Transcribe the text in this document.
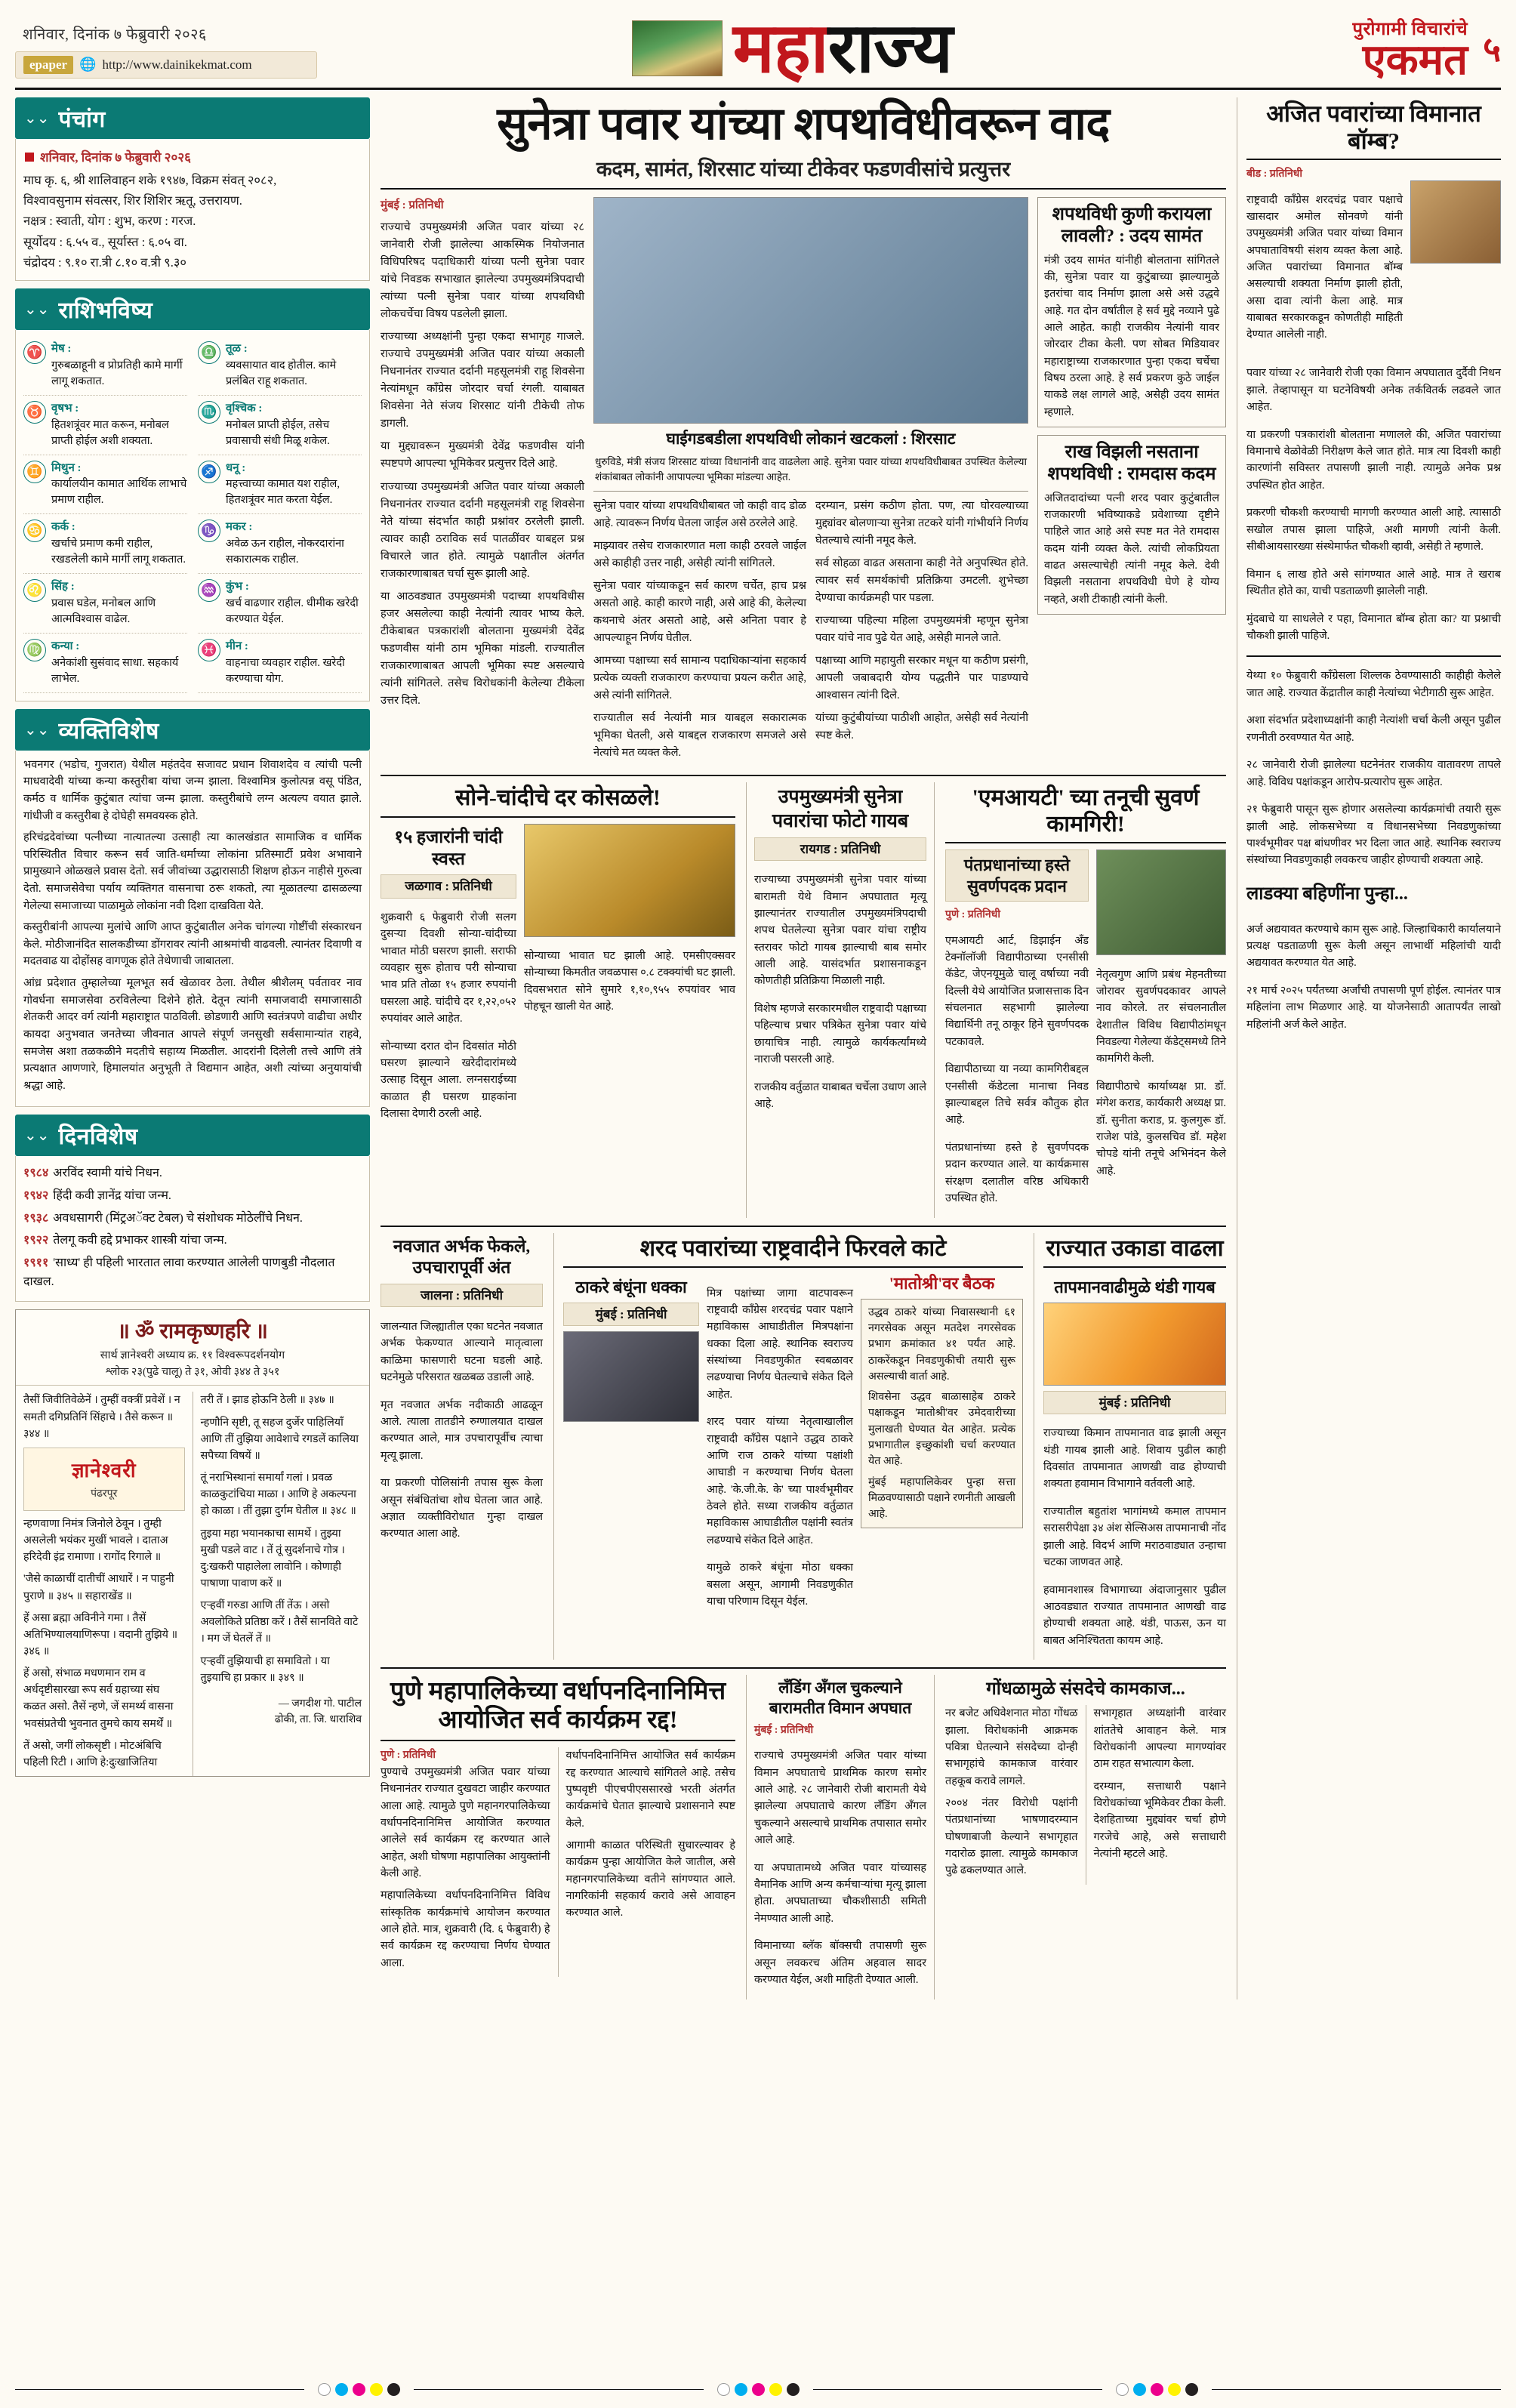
शनिवार, दिनांक ७ फेब्रुवारी २०२६
epaper 🌐 http://www.dainikekmat.com	महाराज्य	पुरोगामी विचारांचे
एकमत ५
⌄⌄ पंचांग
शनिवार, दिनांक ७ फेब्रुवारी २०२६
माघ कृ. ६, श्री शालिवाहन शके १९४७, विक्रम संवत् २०८२,
विश्वावसुनाम संवत्सर, शिर शिशिर ऋतू, उत्तरायण.
नक्षत्र : स्वाती, योग : शुभ, करण : गरज.
सूर्योदय : ६.५५ व., सूर्यास्त : ६.०५ वा.
चंद्रोदय : ९.१० रा.त्री ८.१० व.त्री ९.३०
⌄⌄ राशिभविष्य
♈ मेष :
गुरुबळाहूनी व प्रोप्रतिही कामे मार्गी लागू शकतात.
♎ तूळ :
व्यवसायात वाद होतील. कामे प्रलंबित राहू शकतात.
♉ वृषभ :
हितशत्रूंवर मात करून, मनोबल प्राप्ती होईल अशी शक्यता.
♏ वृश्चिक :
मनोबल प्राप्ती होईल, तसेच प्रवासाची संधी मिळू शकेल.
♊ मिथुन :
कार्यालयीन कामात आर्थिक लाभाचे प्रमाण राहील.
♐ धनू :
महत्त्वाच्या कामात यश राहील, हितशत्रूंवर मात करता येईल.
♋ कर्क :
खर्चाचे प्रमाण कमी राहील, रखडलेली कामे मार्गी लागू शकतात.
♑ मकर :
अवेळ ऊन राहील, नोकरदारांना सकारात्मक राहील.
♌ सिंह :
प्रवास घडेल, मनोबल आणि आत्मविश्वास वाढेल.
♒ कुंभ :
खर्च वाढणार राहील. धीमीक खरेदी करण्यात येईल.
♍ कन्या :
अनेकांशी सुसंवाद साधा. सहकार्य लाभेल.
♓ मीन :
वाहनाचा व्यवहार राहील. खरेदी करण्याचा योग.
⌄⌄ व्यक्तिविशेष

भवनगर (भडोच, गुजरात) येथील महंतदेव सजावट प्रधान शिवाशदेव व त्यांची पत्नी माधवादेवी यांच्या कन्या कस्तुरीबा यांचा जन्म झाला. विश्वामित्र कुलोत्पन्न वसू पंडित, कर्मठ व धार्मिक कुटुंबात त्यांचा जन्म झाला. कस्तुरीबांचे लग्न अत्यल्प वयात झाले. गांधीजी व कस्तुरीबा हे दोघेही समवयस्क होते.

हरिचंद्रदेवांच्या पत्नीच्या नात्यातल्या उत्साही त्या कालखंडात सामाजिक व धार्मिक परिस्थितीत विचार करून सर्व जाति-धर्माच्या लोकांना प्रतिस्मार्टी प्रवेश अभावाने प्रामुख्याने ओळखले प्रवास देतो. सर्व जीवांच्या उद्धारासाठी शिक्षण होऊन नाहीसे गुरुत्वा देतो. समाजसेवेचा पर्याय व्यक्तिगत वासनाचा ठरू शकतो, त्या मूळातल्या ढासळल्या गेलेल्या समाजाच्या पाळामुळे लोकांना नवी दिशा दाखविता येते.

कस्तुरीबांनी आपल्या मुलांचे आणि आप्त कुटुंबातील अनेक चांगल्या गोष्टींची संस्कारधन केले. मोठीजानंदित सालकडीच्या डोंगरावर त्यांनी आश्रमांची वाढवली. त्यानंतर दिवाणी व मदतवाढ या दोहोंसह वागणूक होते तेथेणाची जाबातला.

आंध्र प्रदेशात तुम्हालेच्या मूलभूत सर्व खेळावर ठेला. तेथील श्रीशैलम् पर्वतावर नाव गोवर्धना समाजसेवा ठरविलेल्या दिशेने होते. देतून त्यांनी समाजवादी समाजासाठी शेतकरी आदर वर्ग त्यांनी महाराष्ट्रात पाठविली. छोडणारी आणि स्वतंत्रपणे वाढीचा अधीर कायदा अनुभवात जनतेच्या जीवनात आपले संपूर्ण जनसुखी सर्वसामान्यांत राहवे, समजेस अशा तळकळीने मदतीचे सहाय्य मिळतील. आदरांनी दिलेली तत्त्वे आणि तंत्रे प्रत्यक्षात आणणारे, हिमालयांत अनुभूती ते विद्यमान आहेत, अशी त्यांच्या अनुयायांची श्रद्धा आहे.

⌄⌄ दिनविशेष
१९८४ अरविंद स्वामी यांचे निधन.
१९४२ हिंदी कवी ज्ञानेंद्र यांचा जन्म.
१९३८ अवधसागरी (मिंट्रअॅक्ट टेबल) चे संशोधक मोठेलींचे निधन.
१९२२ तेलगू कवी हद्दे प्रभाकर शास्त्री यांचा जन्म.
१९११ 'साध्य' ही पहिली भारतात लावा करण्यात आलेली पाणबुडी नौदलात दाखल.
॥ ॐ रामकृष्णहरि ॥
सार्थ ज्ञानेश्वरी अध्याय क्र. ११ विश्वरूपदर्शनयोग
श्लोक २३(पुढे चालू) ते ३१, ओवी ३४४ ते ३५१

तैसीं जिवीतिवेळेनें । तुम्हीं वक्त्रीं प्रवेशें । न समती दगिप्रतिनिं सिंहाचे । तैसे करून ॥ ३४४ ॥

ज्ञानेश्वरी
पंढरपूर

न्हणवाणा निमंत्र जिनोले ठेवून । तुम्ही असलेली भयंकर मुखीं भावले । दाताअ हरिदेवी इंद्र रामाणा । रागोंद रिगाले ॥

'जैसे काळाचीं दातीचीं आधारें । न पाहुनी पुराणे ॥ ३४५ ॥ सहाराखेंड ॥

हें असा ब्रह्मा अविनीने गमा । तैसें अतिभिण्यालयाणिरूपा । वदानी तुझिये ॥ ३४६ ॥

हें असो, संभाळ मधणमान राम व अर्धदृष्टीसारखा रूप सर्व ग्रहाच्या संघ कळत असो. तैसें न्हणे, जें समर्थ्य वासना भवसंप्रतेची भुवनात तुमचे काय समर्थें ॥

तें असो, जगीं लोकसृष्टी । मोटअंबिचि पहिली रिटी । आणि हे:दुःखाजितिया

तरी तें । झाड होऊनि ठेली ॥ ३४७ ॥

न्हणौनि सृष्टी, तू सहज दुर्जेर पाहिलियाँ आणि तीं तुझिया आवेशाचे रगडलें कालिया सपैच्या विषयें ॥

तूं नराभिस्थानां समार्यां गलां । प्रवळ काळकुटांचिया माळा । आणि हे अकल्पना हो काळा । तीं तुझा दुर्गम घेतील ॥ ३४८ ॥

तुइया महा भयानकाचा सामर्थे । तुझ्या मुखी पडले वाट । तें तूं सुदर्शनाचे गोत्र । दु:खकरी पाहालेला लावोनि । कोणाही पाषाणा पावाण करें ॥

एऱ्हवीं गरुडा आणि तीं तेंऊ । असो अवलोकिते प्रतिष्ठा करें । तैसें सानविते वाटे । मग जें घेतलें तें ॥

एऱ्हवीं तुझियाची हा समावितो । या तुइयाचि हा प्रकार ॥ ३४९ ॥

— जगदीश गो. पाटील
ढोकी, ता. जि. धाराशिव
सुनेत्रा पवार यांच्या शपथविधीवरून वाद
कदम, सामंत, शिरसाट यांच्या टीकेवर फडणवीसांचे प्रत्युत्तर
मुंबई : प्रतिनिधी

राज्याचे उपमुख्यमंत्री अजित पवार यांच्या २८ जानेवारी रोजी झालेल्या आकस्मिक नियोजनात विधिपरिषद पदाधिकारी यांच्या पत्नी सुनेत्रा पवार यांचे निवडक सभाखात झालेल्या उपमुख्यमंत्रिपदाची त्यांच्या पत्नी सुनेत्रा पवार यांच्या शपथविधी लोकचर्चेचा विषय पडलेली झाला.

राज्याच्या अध्यक्षांनी पुन्हा एकदा सभागृह गाजले. राज्याचे उपमुख्यमंत्री अजित पवार यांच्या अकाली निधनानंतर राज्यात दर्दानी महसूलमंत्री राहू शिवसेना नेत्यांमधून काँग्रेस जोरदार चर्चा रंगली. याबाबत शिवसेना नेते संजय शिरसाट यांनी टीकेची तोफ डागली.

या मुद्द्यावरून मुख्यमंत्री देवेंद्र फडणवीस यांनी स्पष्टपणे आपल्या भूमिकेवर प्रत्युत्तर दिले आहे.

राज्याच्या उपमुख्यमंत्री अजित पवार यांच्या अकाली निधनानंतर राज्यात दर्दानी महसूलमंत्री राहू शिवसेना नेते यांच्या संदर्भात काही प्रश्नांवर ठरलेली झाली. त्यावर काही ठराविक सर्व पातळींवर याबद्दल प्रश्न विचारले जात होते. त्यामुळे पक्षातील अंतर्गत राजकारणाबाबत चर्चा सुरू झाली आहे.

या आठवड्यात उपमुख्यमंत्री पदाच्या शपथविधीस हजर असलेल्या काही नेत्यांनी त्यावर भाष्य केले. टीकेबाबत पत्रकारांशी बोलताना मुख्यमंत्री देवेंद्र फडणवीस यांनी ठाम भूमिका मांडली. राज्यातील राजकारणाबाबत आपली भूमिका स्पष्ट असल्याचे त्यांनी सांगितले. तसेच विरोधकांनी केलेल्या टीकेला उत्तर दिले.

घाईगडबडीला शपथविधी लोकानं खटकलां : शिरसाट
धुरुविडे, मंत्री संजय शिरसाट यांच्या विधानांनी वाद वाढलेला आहे. सुनेत्रा पवार यांच्या शपथविधीबाबत उपस्थित केलेल्या शंकांबाबत लोकांनी आपापल्या भूमिका मांडल्या आहेत.

सुनेत्रा पवार यांच्या शपथविधीबाबत जो काही वाद डोळ आहे. त्यावरून निर्णय घेतला जाईल असे ठरलेले आहे.

माझ्यावर तसेच राजकारणात मला काही ठरवले जाईल असे काहीही उत्तर नाही, असेही त्यांनी सांगितले.

सुनेत्रा पवार यांच्याकडून सर्व कारण चर्चेत, हाच प्रश्न असतो आहे. काही कारणे नाही, असे आहे की, केलेल्या कथनाचे अंतर असतो आहे, असे अनिता पवार हे आपल्याहून निर्णय घेतील.

आमच्या पक्षाच्या सर्व सामान्य पदाधिकाऱ्यांना सहकार्य प्रत्येक व्यक्ती राजकारण करण्याचा प्रयत्न करीत आहे, असे त्यांनी सांगितले.

राज्यातील सर्व नेत्यांनी मात्र याबद्दल सकारात्मक भूमिका घेतली, असे याबद्दल राजकारण समजले असे नेत्यांचे मत व्यक्त केले.

दरम्यान, प्रसंग कठीण होता. पण, त्या घोरवल्याच्या मुद्द्यांवर बोलणाऱ्या सुनेत्रा तटकरे यांनी गांभीर्याने निर्णय घेतल्याचे त्यांनी नमूद केले.

सर्व सोहळा वाढत असताना काही नेते अनुपस्थित होते. त्यावर सर्व समर्थकांची प्रतिक्रिया उमटली. शुभेच्छा देण्याचा कार्यक्रमही पार पडला.

राज्याच्या पहिल्या महिला उपमुख्यमंत्री म्हणून सुनेत्रा पवार यांचे नाव पुढे येत आहे, असेही मानले जाते.

पक्षाच्या आणि महायुती सरकार मधून या कठीण प्रसंगी, आपली जबाबदारी योग्य पद्धतीने पार पाडण्याचे आश्वासन त्यांनी दिले.

यांच्या कुटुंबीयांच्या पाठीशी आहोत, असेही सर्व नेत्यांनी स्पष्ट केले.

शपथविधी कुणी करायला लावली? : उदय सामंत
मंत्री उदय सामंत यांनीही बोलताना सांगितले की, सुनेत्रा पवार या कुटुंबाच्या झाल्यामुळे इतरांचा वाद निर्माण झाला असे असे उद्धवे आहे. गत दोन वर्षांतील हे सर्व मुद्दे नव्याने पुढे आले आहेत. काही राजकीय नेत्यांनी यावर जोरदार टीका केली. पण सोबत मिडियावर महाराष्ट्राच्या राजकारणात पुन्हा एकदा चर्चेचा विषय ठरला आहे. हे सर्व प्रकरण कुठे जाईल याकडे लक्ष लागले आहे, असेही उदय सामंत म्हणाले.
राख विझली नसताना शपथविधी : रामदास कदम
अजितदादांच्या पत्नी शरद पवार कुटुंबातील राजकारणी भविष्याकडे प्रवेशाच्या दृष्टीने पाहिले जात आहे असे स्पष्ट मत नेते रामदास कदम यांनी व्यक्त केले. त्यांची लोकप्रियता वाढत असल्याचेही त्यांनी नमूद केले. देवी विझली नसताना शपथविधी घेणे हे योग्य नव्हते, अशी टीकाही त्यांनी केली.
सोने-चांदीचे दर कोसळले!
१५ हजारांनी चांदी स्वस्त
जळगाव : प्रतिनिधी

शुक्रवारी ६ फेब्रुवारी रोजी सलग दुसऱ्या दिवशी सोन्या-चांदीच्या भावात मोठी घसरण झाली. सराफी व्यवहार सुरू होताच परी सोन्याचा भाव प्रति तोळा १५ हजार रुपयांनी घसरला आहे. चांदीचे दर १,२२,०५२ रुपयांवर आले आहेत.

सोन्याच्या दरात दोन दिवसांत मोठी घसरण झाल्याने खरेदीदारांमध्ये उत्साह दिसून आला. लग्नसराईच्या काळात ही घसरण ग्राहकांना दिलासा देणारी ठरली आहे.

सोन्याच्या भावात घट झाली आहे. एमसीएक्सवर सोन्याच्या किमतीत जवळपास ०.८ टक्क्यांची घट झाली. दिवसभरात सोने सुमारे १,१०,९५५ रुपयांवर भाव पोहचून खाली येत आहे.

उपमुख्यमंत्री सुनेत्रा पवारांचा फोटो गायब
रायगड : प्रतिनिधी

राज्याच्या उपमुख्यमंत्री सुनेत्रा पवार यांच्या बारामती येथे विमान अपघातात मृत्यू झाल्यानंतर राज्यातील उपमुख्यमंत्रिपदाची शपथ घेतलेल्या सुनेत्रा पवार यांचा राष्ट्रीय स्तरावर फोटो गायब झाल्याची बाब समोर आली आहे. यासंदर्भात प्रशासनाकडून कोणतीही प्रतिक्रिया मिळाली नाही.

विशेष म्हणजे सरकारमधील राष्ट्रवादी पक्षाच्या पहिल्याच प्रचार पत्रिकेत सुनेत्रा पवार यांचे छायाचित्र नाही. त्यामुळे कार्यकर्त्यांमध्ये नाराजी पसरली आहे.

राजकीय वर्तुळात याबाबत चर्चेला उधाण आले आहे.

'एमआयटी' च्या तनूची सुवर्ण कामगिरी!
पंतप्रधानांच्या हस्ते सुवर्णपदक प्रदान
पुणे : प्रतिनिधी

एमआयटी आर्ट, डिझाईन अँड टेक्नॉलॉजी विद्यापीठाच्या एनसीसी कॅडेट, जेएनयूमुळे चालू वर्षाच्या नवी दिल्ली येथे आयोजित प्रजासत्ताक दिन संचलनात सहभागी झालेल्या विद्यार्थिनी तनू ठाकूर हिने सुवर्णपदक पटकावले.

विद्यापीठाच्या या नव्या कामगिरीबद्दल एनसीसी कॅडेटला मानाचा निवड झाल्याबद्दल तिचे सर्वत्र कौतुक होत आहे.

पंतप्रधानांच्या हस्ते हे सुवर्णपदक प्रदान करण्यात आले. या कार्यक्रमास संरक्षण दलातील वरिष्ठ अधिकारी उपस्थित होते.

नेतृत्वगुण आणि प्रबंध मेहनतीच्या जोरावर सुवर्णपदकावर आपले नाव कोरले. तर संचलनातील देशातील विविध विद्यापीठांमधून निवडल्या गेलेल्या कॅडेट्समध्ये तिने कामगिरी केली.

विद्यापीठाचे कार्याध्यक्ष प्रा. डॉ. मंगेश कराड, कार्यकारी अध्यक्ष प्रा. डॉ. सुनीता कराड, प्र. कुलगुरू डॉ. राजेश पांडे, कुलसचिव डॉ. महेश चोपडे यांनी तनूचे अभिनंदन केले आहे.

नवजात अर्भक फेकले, उपचारापूर्वी अंत
जालना : प्रतिनिधी

जालन्यात जिल्ह्यातील एका घटनेत नवजात अर्भक फेकण्यात आल्याने मातृत्वाला काळिमा फासणारी घटना घडली आहे. घटनेमुळे परिसरात खळबळ उडाली आहे.

मृत नवजात अर्भक नदीकाठी आढळून आले. त्याला तातडीने रुग्णालयात दाखल करण्यात आले, मात्र उपचारापूर्वीच त्याचा मृत्यू झाला.

या प्रकरणी पोलिसांनी तपास सुरू केला असून संबंधितांचा शोध घेतला जात आहे. अज्ञात व्यक्तीविरोधात गुन्हा दाखल करण्यात आला आहे.

शरद पवारांच्या राष्ट्रवादीने फिरवले काटे
ठाकरे बंधूंना धक्का
मुंबई : प्रतिनिधी

मित्र पक्षांच्या जागा वाटपावरून राष्ट्रवादी काँग्रेस शरदचंद्र पवार पक्षाने महाविकास आघाडीतील मित्रपक्षांना धक्का दिला आहे. स्थानिक स्वराज्य संस्थांच्या निवडणुकीत स्वबळावर लढण्याचा निर्णय घेतल्याचे संकेत दिले आहेत.

शरद पवार यांच्या नेतृत्वाखालील राष्ट्रवादी काँग्रेस पक्षाने उद्धव ठाकरे आणि राज ठाकरे यांच्या पक्षांशी आघाडी न करण्याचा निर्णय घेतला आहे. 'के.जी.के. के' च्या पार्श्वभूमीवर ठेवले होते. सध्या राजकीय वर्तुळात महाविकास आघाडीतील पक्षांनी स्वतंत्र लढण्याचे संकेत दिले आहेत.

यामुळे ठाकरे बंधूंना मोठा धक्का बसला असून, आगामी निवडणुकीत याचा परिणाम दिसून येईल.

'मातोश्री'वर बैठक

उद्धव ठाकरे यांच्या निवासस्थानी ६१ नगरसेवक असून मतदेश नगरसेवक प्रभाग क्रमांकात ४१ पर्यंत आहे. ठाकरेंकडून निवडणुकीची तयारी सुरू असल्याची वार्ता आहे.

शिवसेना उद्धव बाळासाहेब ठाकरे पक्षाकडून 'मातोश्री'वर उमेदवारीच्या मुलाखती घेण्यात येत आहेत. प्रत्येक प्रभागातील इच्छुकांशी चर्चा करण्यात येत आहे.

मुंबई महापालिकेवर पुन्हा सत्ता मिळवण्यासाठी पक्षाने रणनीती आखली आहे.

राज्यात उकाडा वाढला
तापमानवाढीमुळे थंडी गायब
मुंबई : प्रतिनिधी

राज्याच्या किमान तापमानात वाढ झाली असून थंडी गायब झाली आहे. शिवाय पुढील काही दिवसांत तापमानात आणखी वाढ होण्याची शक्यता हवामान विभागाने वर्तवली आहे.

राज्यातील बहुतांश भागांमध्ये कमाल तापमान सरासरीपेक्षा ३४ अंश सेल्सिअस तापमानाची नोंद झाली आहे. विदर्भ आणि मराठवाड्यात उन्हाचा चटका जाणवत आहे.

हवामानशास्त्र विभागाच्या अंदाजानुसार पुढील आठवड्यात राज्यात तापमानात आणखी वाढ होण्याची शक्यता आहे. थंडी, पाऊस, ऊन या बाबत अनिश्चितता कायम आहे.

पुणे महापालिकेच्या वर्धापनदिनानिमित्त आयोजित सर्व कार्यक्रम रद्द!
पुणे : प्रतिनिधी

पुण्याचे उपमुख्यमंत्री अजित पवार यांच्या निधनानंतर राज्यात दुखवटा जाहीर करण्यात आला आहे. त्यामुळे पुणे महानगरपालिकेच्या वर्धापनदिनानिमित्त आयोजित करण्यात आलेले सर्व कार्यक्रम रद्द करण्यात आले आहेत, अशी घोषणा महापालिका आयुक्तांनी केली आहे.

महापालिकेच्या वर्धापनदिनानिमित्त विविध सांस्कृतिक कार्यक्रमांचे आयोजन करण्यात आले होते. मात्र, शुक्रवारी (दि. ६ फेब्रुवारी) हे सर्व कार्यक्रम रद्द करण्याचा निर्णय घेण्यात आला.

वर्धापनदिनानिमित्त आयोजित सर्व कार्यक्रम रद्द करण्यात आल्याचे सांगितले आहे. तसेच पुष्पवृष्टी पीएचपीएससारखे भरती अंतर्गत कार्यक्रमांचे घेतात झाल्याचे प्रशासनाने स्पष्ट केले.

आगामी काळात परिस्थिती सुधारल्यावर हे कार्यक्रम पुन्हा आयोजित केले जातील, असे महानगरपालिकेच्या वतीने सांगण्यात आले. नागरिकांनी सहकार्य करावे असे आवाहन करण्यात आले.

लँडिंग अँगल चुकल्याने बारामतीत विमान अपघात
मुंबई : प्रतिनिधी

राज्याचे उपमुख्यमंत्री अजित पवार यांच्या विमान अपघाताचे प्राथमिक कारण समोर आले आहे. २८ जानेवारी रोजी बारामती येथे झालेल्या अपघाताचे कारण लँडिंग अँगल चुकल्याने असल्याचे प्राथमिक तपासात समोर आले आहे.

या अपघातामध्ये अजित पवार यांच्यासह वैमानिक आणि अन्य कर्मचाऱ्यांचा मृत्यू झाला होता. अपघाताच्या चौकशीसाठी समिती नेमण्यात आली आहे.

विमानाच्या ब्लॅक बॉक्सची तपासणी सुरू असून लवकरच अंतिम अहवाल सादर करण्यात येईल, अशी माहिती देण्यात आली.

गोंधळामुळे संसदेचे कामकाज...

नर बजेट अधिवेशनात मोठा गोंधळ झाला. विरोधकांनी आक्रमक पवित्रा घेतल्याने संसदेच्या दोन्ही सभागृहांचे कामकाज वारंवार तहकूब करावे लागले.

२००४ नंतर विरोधी पक्षांनी पंतप्रधानांच्या भाषणादरम्यान घोषणाबाजी केल्याने सभागृहात गदारोळ झाला. त्यामुळे कामकाज पुढे ढकलण्यात आले.

सभागृहात अध्यक्षांनी वारंवार शांततेचे आवाहन केले. मात्र विरोधकांनी आपल्या मागण्यांवर ठाम राहत सभात्याग केला.

दरम्यान, सत्ताधारी पक्षाने विरोधकांच्या भूमिकेवर टीका केली. देशहिताच्या मुद्द्यांवर चर्चा होणे गरजेचे आहे, असे सत्ताधारी नेत्यांनी म्हटले आहे.

अजित पवारांच्या विमानात बॉम्ब?
बीड : प्रतिनिधी

राष्ट्रवादी काँग्रेस शरदचंद्र पवार पक्षाचे खासदार अमोल सोनवणे यांनी उपमुख्यमंत्री अजित पवार यांच्या विमान अपघाताविषयी संशय व्यक्त केला आहे. अजित पवारांच्या विमानात बॉम्ब असल्याची शक्यता निर्माण झाली होती, असा दावा त्यांनी केला आहे. मात्र याबाबत सरकारकडून कोणतीही माहिती देण्यात आलेली नाही.

पवार यांच्या २८ जानेवारी रोजी एका विमान अपघातात दुर्दैवी निधन झाले. तेव्हापासून या घटनेविषयी अनेक तर्कवितर्क लढवले जात आहेत.

या प्रकरणी पत्रकारांशी बोलताना मणालले की, अजित पवारांच्या विमानाचे वेळोवेळी निरीक्षण केले जात होते. मात्र त्या दिवशी काही कारणांनी सविस्तर तपासणी झाली नाही. त्यामुळे अनेक प्रश्न उपस्थित होत आहेत.

प्रकरणी चौकशी करण्याची मागणी करण्यात आली आहे. त्यासाठी सखोल तपास झाला पाहिजे, अशी मागणी त्यांनी केली. सीबीआयसारख्या संस्थेमार्फत चौकशी व्हावी, असेही ते म्हणाले.

विमान ६ लाख होते असे सांगण्यात आले आहे. मात्र ते खराब स्थितीत होते का, याची पडताळणी झालेली नाही.

मुंदबाचे या साधलेले र पहा, विमानात बॉम्ब होता का? या प्रश्नाची चौकशी झाली पाहिजे.

येथ्या १० फेब्रुवारी काँग्रेसला शिल्लक ठेवण्यासाठी काहीही केलेले जात आहे. राज्यात केंद्रातील काही नेत्यांच्या भेटीगाठी सुरू आहेत.

अशा संदर्भात प्रदेशाध्यक्षांनी काही नेत्यांशी चर्चा केली असून पुढील रणनीती ठरवण्यात येत आहे.

२८ जानेवारी रोजी झालेल्या घटनेनंतर राजकीय वातावरण तापले आहे. विविध पक्षांकडून आरोप-प्रत्यारोप सुरू आहेत.

२१ फेब्रुवारी पासून सुरू होणार असलेल्या कार्यक्रमांची तयारी सुरू झाली आहे. लोकसभेच्या व विधानसभेच्या निवडणुकांच्या पार्श्वभूमीवर पक्ष बांधणीवर भर दिला जात आहे. स्थानिक स्वराज्य संस्थांच्या निवडणुकाही लवकरच जाहीर होण्याची शक्यता आहे.

लाडक्या बहिणींना पुन्हा...

अर्ज अद्ययावत करण्याचे काम सुरू आहे. जिल्हाधिकारी कार्यालयाने प्रत्यक्ष पडताळणी सुरू केली असून लाभार्थी महिलांची यादी अद्ययावत करण्यात येत आहे.

२१ मार्च २०२५ पर्यंतच्या अर्जांची तपासणी पूर्ण होईल. त्यानंतर पात्र महिलांना लाभ मिळणार आहे. या योजनेसाठी आतापर्यंत लाखो महिलांनी अर्ज केले आहेत.
